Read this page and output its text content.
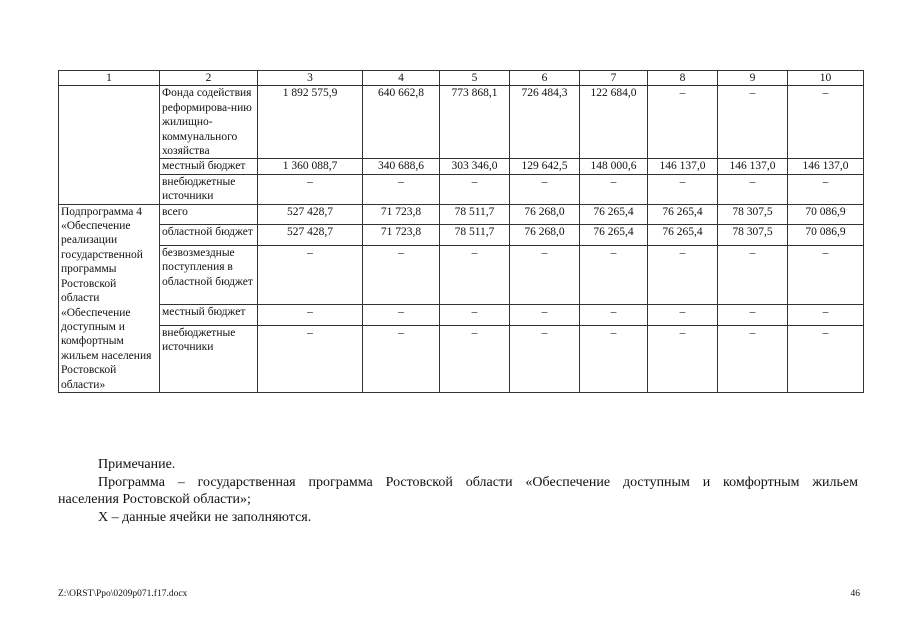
1	2	3	4	5	6	7	8	9	10
	Фонда содействия реформирова-нию жилищно-коммунального хозяйства	1 892 575,9	640 662,8	773 868,1	726 484,3	122 684,0	–	–	–
	местный бюджет	1 360 088,7	340 688,6	303 346,0	129 642,5	148 000,6	146 137,0	146 137,0	146 137,0
	внебюджетные источники	–	–	–	–	–	–	–	–
Подпрограмма 4 «Обеспечение реализации государственной программы Ростовской области «Обеспечение доступным и комфортным жильем населения Ростовской области»	всего	527 428,7	71 723,8	78 511,7	76 268,0	76 265,4	76 265,4	78 307,5	70 086,9
	областной бюджет	527 428,7	71 723,8	78 511,7	76 268,0	76 265,4	76 265,4	78 307,5	70 086,9
	безвозмездные поступления в областной бюджет	–	–	–	–	–	–	–	–
	местный бюджет	–	–	–	–	–	–	–	–
	внебюджетные источники	–	–	–	–	–	–	–	–

Примечание.

Программа – государственная программа Ростовской области «Обеспечение доступным и комфортным жильем

населения Ростовской области»;

Х – данные ячейки не заполняются.

Z:\ORST\Ppo\0209p071.f17.docx	46
